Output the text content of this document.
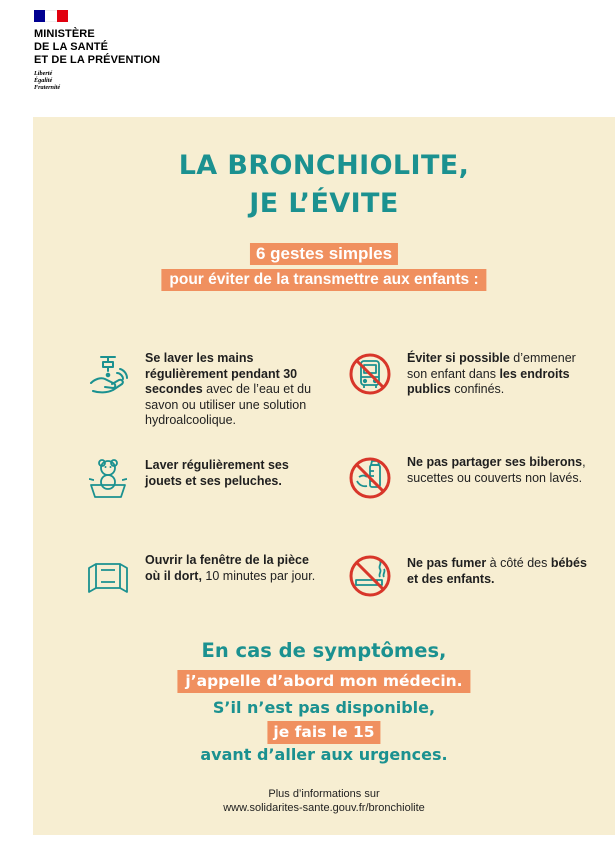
MINISTÈRE
DE LA SANTÉ
ET DE LA PRÉVENTION
Liberté
Égalité
Fraternité
LA BRONCHIOLITE,
JE L’ÉVITE
6 gestes simples
pour éviter de la transmettre aux enfants :
Se laver les mains régulièrement pendant 30 secondes avec de l’eau et du savon ou utiliser une solution hydroalcoolique.
Éviter si possible d’emmener son enfant dans les endroits publics confinés.
Laver régulièrement ses jouets et ses peluches.
Ne pas partager ses biberons, sucettes ou couverts non lavés.
Ouvrir la fenêtre de la pièce où il dort, 10 minutes par jour.
Ne pas fumer à côté des bébés et des enfants.
En cas de symptômes,
j’appelle d’abord mon médecin.
S’il n’est pas disponible,
je fais le 15
avant d’aller aux urgences.
Plus d’informations sur
www.solidarites-sante.gouv.fr/bronchiolite
